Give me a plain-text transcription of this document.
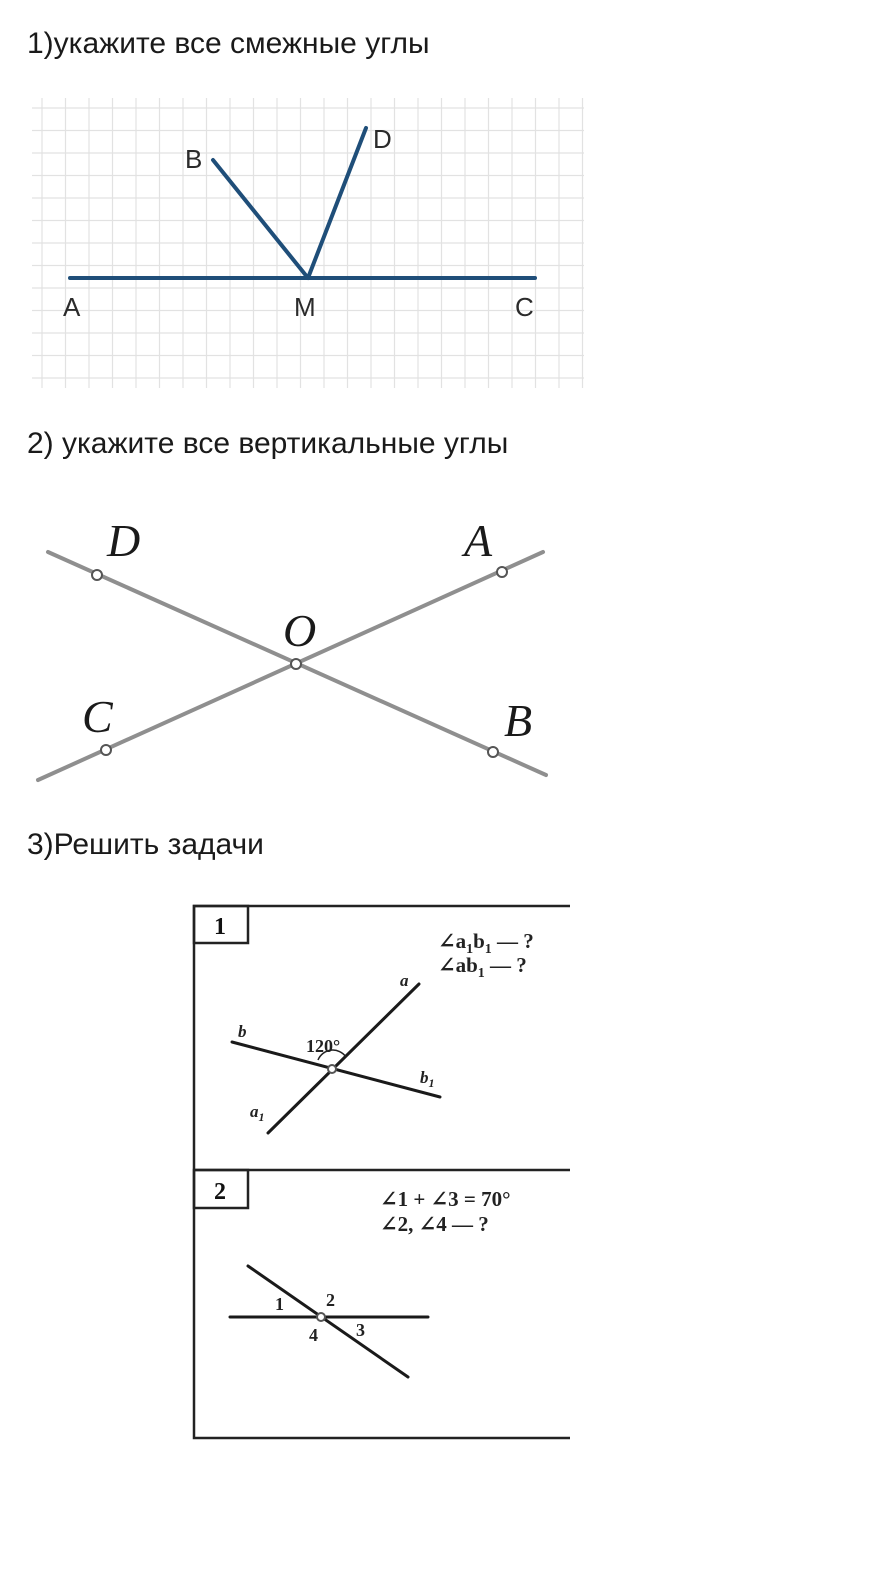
1)укажите все смежные углы
2) укажите все вертикальные углы
3)Решить задачи
A	M	C
B
D
D	A
O
C	B
1
$\angle a_1b_1$ — ?
$\angle ab_1$ — ?
120°
a
b
$b_1$
$a_1$
2	∠1 + ∠3 = 70°
∠2, ∠4 — ?
1 2
3
4
